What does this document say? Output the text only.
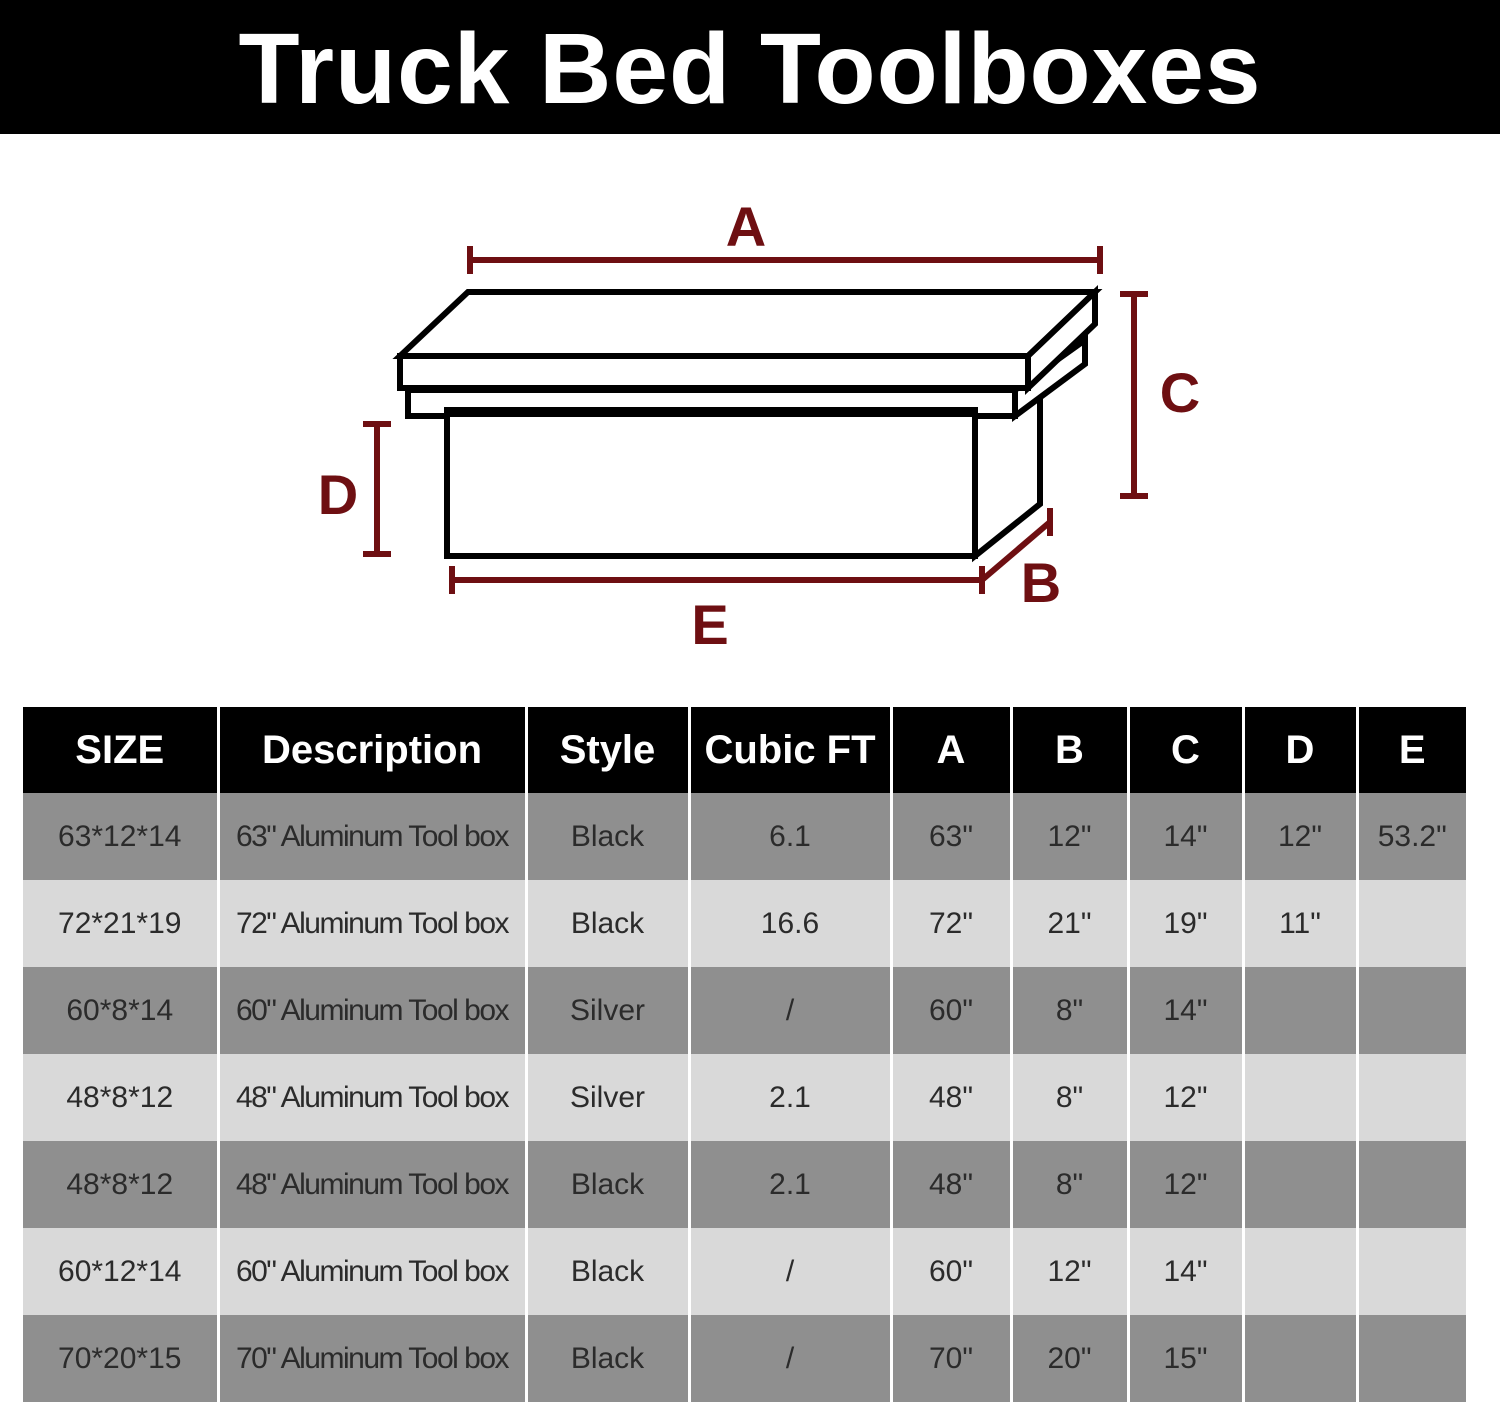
Truck Bed Toolboxes
A
C
D
B
E
SIZE	Description	Style	Cubic FT	A	B	C	D	E
63*12*14	63" Aluminum Tool box	Black	6.1	63"	12"	14"	12"	53.2"
72*21*19	72" Aluminum Tool box	Black	16.6	72"	21"	19"	11"	
60*8*14	60" Aluminum Tool box	Silver	/	60"	8"	14"		
48*8*12	48" Aluminum Tool box	Silver	2.1	48"	8"	12"		
48*8*12	48" Aluminum Tool box	Black	2.1	48"	8"	12"		
60*12*14	60" Aluminum Tool box	Black	/	60"	12"	14"		
70*20*15	70" Aluminum Tool box	Black	/	70"	20"	15"		
